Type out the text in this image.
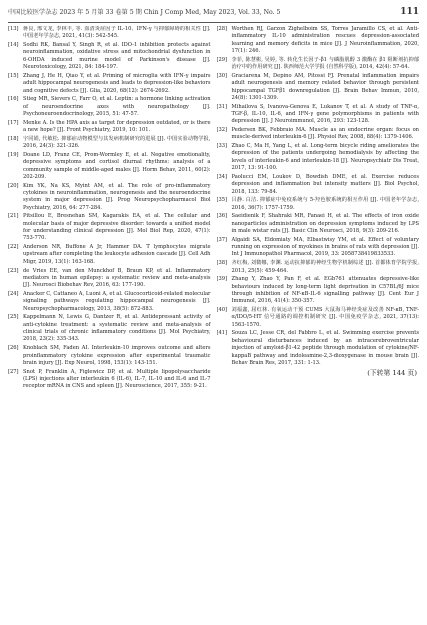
中国比较医学杂志 2023 年 5 月第 33 卷第 5 期 Chin J Comp Med, May 2023, Vol. 33, No. 5	111
[13] 蒋良, 邢文龙, 李林丰, 等. 血清炎症因子 IL-10、IFN-γ 与抑郁障碍的相关性 [J]. 中国老年学杂志, 2021, 41(3): 542-545.
[14] Sodhi RK, Bansal Y, Singh R, et al. IDO-1 inhibition protects against neuroinflammation, oxidative stress and mitochondrial dysfunction in 6-OHDA induced murine model of Parkinson's disease [J]. Neurotoxicology, 2021, 84: 184-197.
[15] Zhang J, He H, Qiao Y, et al. Priming of microglia with IFN-γ impairs adult hippocampal neurogenesis and leads to depression-like behaviors and cognitive defects [J]. Glia, 2020, 68(12): 2674-2692.
[16] Stieg MR, Sievers C, Farr O, et al. Leptin: a hormone linking activation of neuroendocrine axes with neuropathology [J]. Psychoneuroendocrinology, 2015, 51: 47-57.
[17] Menke A. Is the HPA axis as target for depression outdated, or is there a new hope? [J]. Front Psychiatry, 2019, 10: 101.
[18] 宇同娟, 代敏松. 抑郁症动物模型与其发病机制研究的进展 [J]. 中国实验动物学报, 2016, 24(3): 321-326.
[19] Doane LD, Franz CE, Prom-Wormley E, et al. Negative emotionality, depressive symptoms and cortisol diurnal rhythms: analysis of a community sample of middle-aged males [J]. Horm Behav, 2011, 60(2): 202-209.
[20] Kim YK, Na KS, Myint AM, et al. The role of pro-inflammatory cytokines in neuroinflammation, neurogenesis and the neuroendocrine system in major depression [J]. Prog Neuropsychopharmacol Biol Psychiatry, 2016, 64: 277-284.
[21] Pitsillou E, Bresnehan SM, Kagarakis EA, et al. The cellular and molecular basis of major depressive disorder: towards a unified model for understanding clinical depression [J]. Mol Biol Rep, 2020, 47(1): 753-770.
[22] Anderson NR, Buffone A Jr, Hammer DA. T lymphocytes migrate upstream after completing the leukocyte adhesion cascade [J]. Cell Adh Migr, 2019, 13(1): 163-168.
[23] de Vries EE, van den Munckhof B, Braun KP, et al. Inflammatory mediators in human epilepsy: a systematic review and meta-analysis [J]. Neurosci Biobehav Rev, 2016, 63: 177-190.
[24] Anacker C, Cattaneo A, Luoni A, et al. Glucocorticoid-related molecular signaling pathways regulating hippocampal neurogenesis [J]. Neuropsychopharmacology, 2013, 38(5): 872-883.
[25] Kappelmann N, Lewis G, Dantzer R, et al. Antidepressant activity of anti-cytokine treatment: a systematic review and meta-analysis of clinical trials of chronic inflammatory conditions [J]. Mol Psychiatry, 2018, 23(2): 335-343.
[26] Knoblach SM, Faden AI. Interleukin-10 improves outcome and alters proinflammatory cytokine expression after experimental traumatic brain injury [J]. Exp Neurol, 1998, 153(1): 143-151.
[27] Snot P, Franklin A, Figlewicz DP, et al. Multiple lipopolysaccharide (LPS) injections alter interleukin 6 (IL-6), IL-7, IL-10 and IL-6 and IL-7 receptor mRNA in CNS and spleen [J]. Neuroscience, 2017, 355: 9-21.
[28] Worthen RJ, Garzon Zighelboim SS, Torres Jaramillo CS, et al. Anti-inflammatory IL-10 administration rescues depression-associated learning and memory deficits in mice [J]. J Neuroinflammation, 2020, 17(1): 246.
[29] 李菲, 陈慧彬, 吴婷, 等. 转化生长因子-β1 与磷脂肌醇 3 激酶在 β1 阻断剂抗抑郁治疗中的作用研究 [J]. 陕西师范大学学报 (自然科学版), 2014, 42(4): 57-64.
[30] Graciarena M, Depino AM, Pitossi FJ. Prenatal inflammation impairs adult neurogenesis and memory related behavior through persistent hippocampal TGFβ1 downregulation [J]. Brain Behav Immun, 2010, 24(8): 1301-1309.
[31] Mihailova S, Ivanova-Genova E, Lukanov T, et al. A study of TNF-α, TGF-β, IL-10, IL-6, and IFN-γ gene polymorphisms in patients with depression [J]. J Neuroimmunol, 2016, 293: 123-128.
[32] Pedersen BK, Febbraio MA. Muscle as an endocrine organ: focus on muscle-derived interleukin-6 [J]. Physiol Rev, 2008, 88(4): 1379-1406.
[33] Zhao C, Ma H, Yang L, et al. Long-term bicycle riding ameliorates the depression of the patients undergoing hemodialysis by affecting the levels of interleukin-6 and interleukin-18 [J]. Neuropsychiatr Dis Treat, 2017, 13: 91-100.
[34] Paolucci EM, Loukov D, Bowdish DME, et al. Exercise reduces depression and inflammation but intensity matters [J]. Biol Psychol, 2018, 133: 79-84.
[35] 吕静. 白洁. 抑郁症中免疫系统与 5-羟色胺系统的相互作用 [J]. 中国老年学杂志, 2016, 36(7): 1757-1759.
[36] Saeidienik F, Shahraki MR, Fanaei H, et al. The effects of iron oxide nanoparticles administration on depression symptoms induced by LPS in male wistar rats [J]. Basic Clin Neurosci, 2018, 9(3): 209-216.
[37] Algaidi SA, Eldomiaty MA, Elbastwisy YM, et al. Effect of voluntary running on expression of myokines in brains of rats with depression [J]. Int J Immunopathol Pharmacol, 2019, 33: 2058738419833533.
[38] 齐红梅, 刘微娜, 李渊. 运动抗抑郁的神经生物学机制综述 [J]. 首都体育学院学报, 2013, 25(5): 459-464.
[39] Zhang Y, Zhao Y, Pan F, et al. EGb761 attenuates depressive-like behaviours induced by long-term light deprivation in C57BL/6J mice through inhibition of NF-κB-IL-6 signalling pathway [J]. Cent Eur J Immunol, 2016, 41(4): 350-357.
[40] 刘福鑫, 屈红林. 有氧运动干预 CUMS 大鼠海马神经炎症及改善 NF-κB, TNF-α/IDO/5-HT 信号通路的调控机制研究 [J]. 中国免疫学杂志, 2021, 37(13): 1563-1570.
[41] Souza LC, Jesse CR, del Fabbro L, et al. Swimming exercise prevents behavioural disturbances induced by an intracerebroventricular injection of amyloid-β1-42 peptide through modulation of cytokine/NF-kappaB pathway and indoleamine-2,3-dioxygenase in mouse brain [J]. Behav Brain Res, 2017, 331: 1-13.
(下转第 144 页)
